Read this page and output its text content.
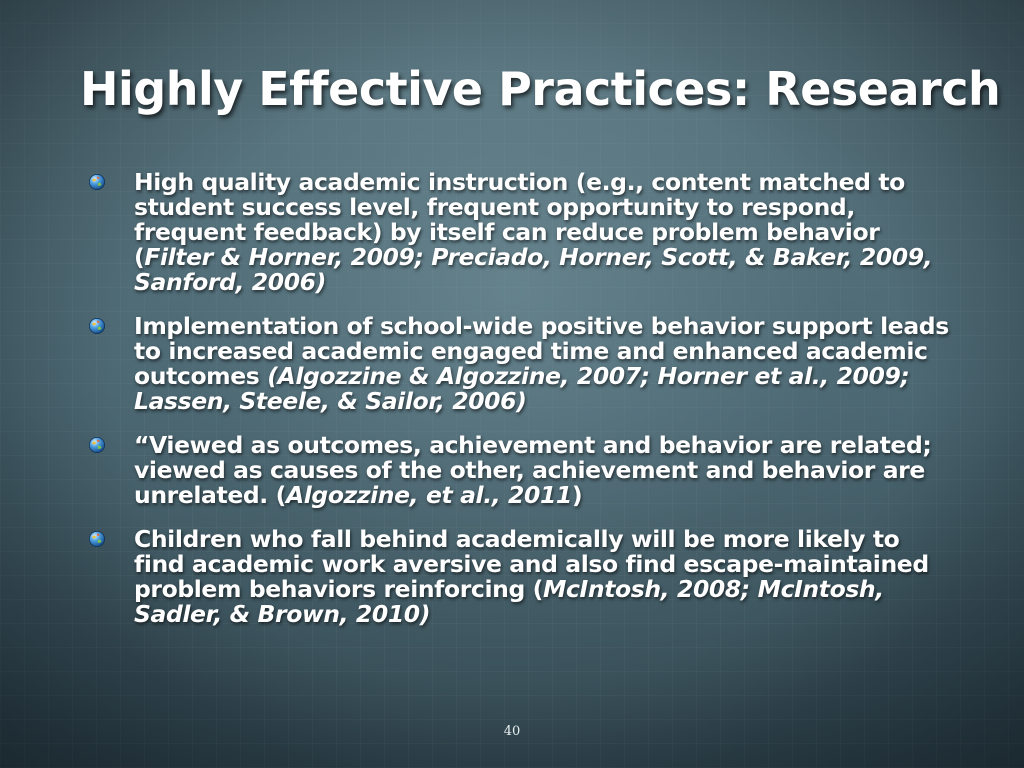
Highly Effective Practices: Research
High quality academic instruction (e.g., content matched to student success level, frequent opportunity to respond, frequent feedback) by itself can reduce problem behavior (Filter & Horner, 2009; Preciado, Horner, Scott, & Baker, 2009, Sanford, 2006)
Implementation of school-wide positive behavior support leads to increased academic engaged time and enhanced academic outcomes (Algozzine & Algozzine, 2007; Horner et al., 2009; Lassen, Steele, & Sailor, 2006)
“Viewed as outcomes, achievement and behavior are related; viewed as causes of the other, achievement and behavior are unrelated. (Algozzine, et al., 2011)
Children who fall behind academically will be more likely to find academic work aversive and also find escape-maintained problem behaviors reinforcing (McIntosh, 2008; McIntosh, Sadler, & Brown, 2010)
40
